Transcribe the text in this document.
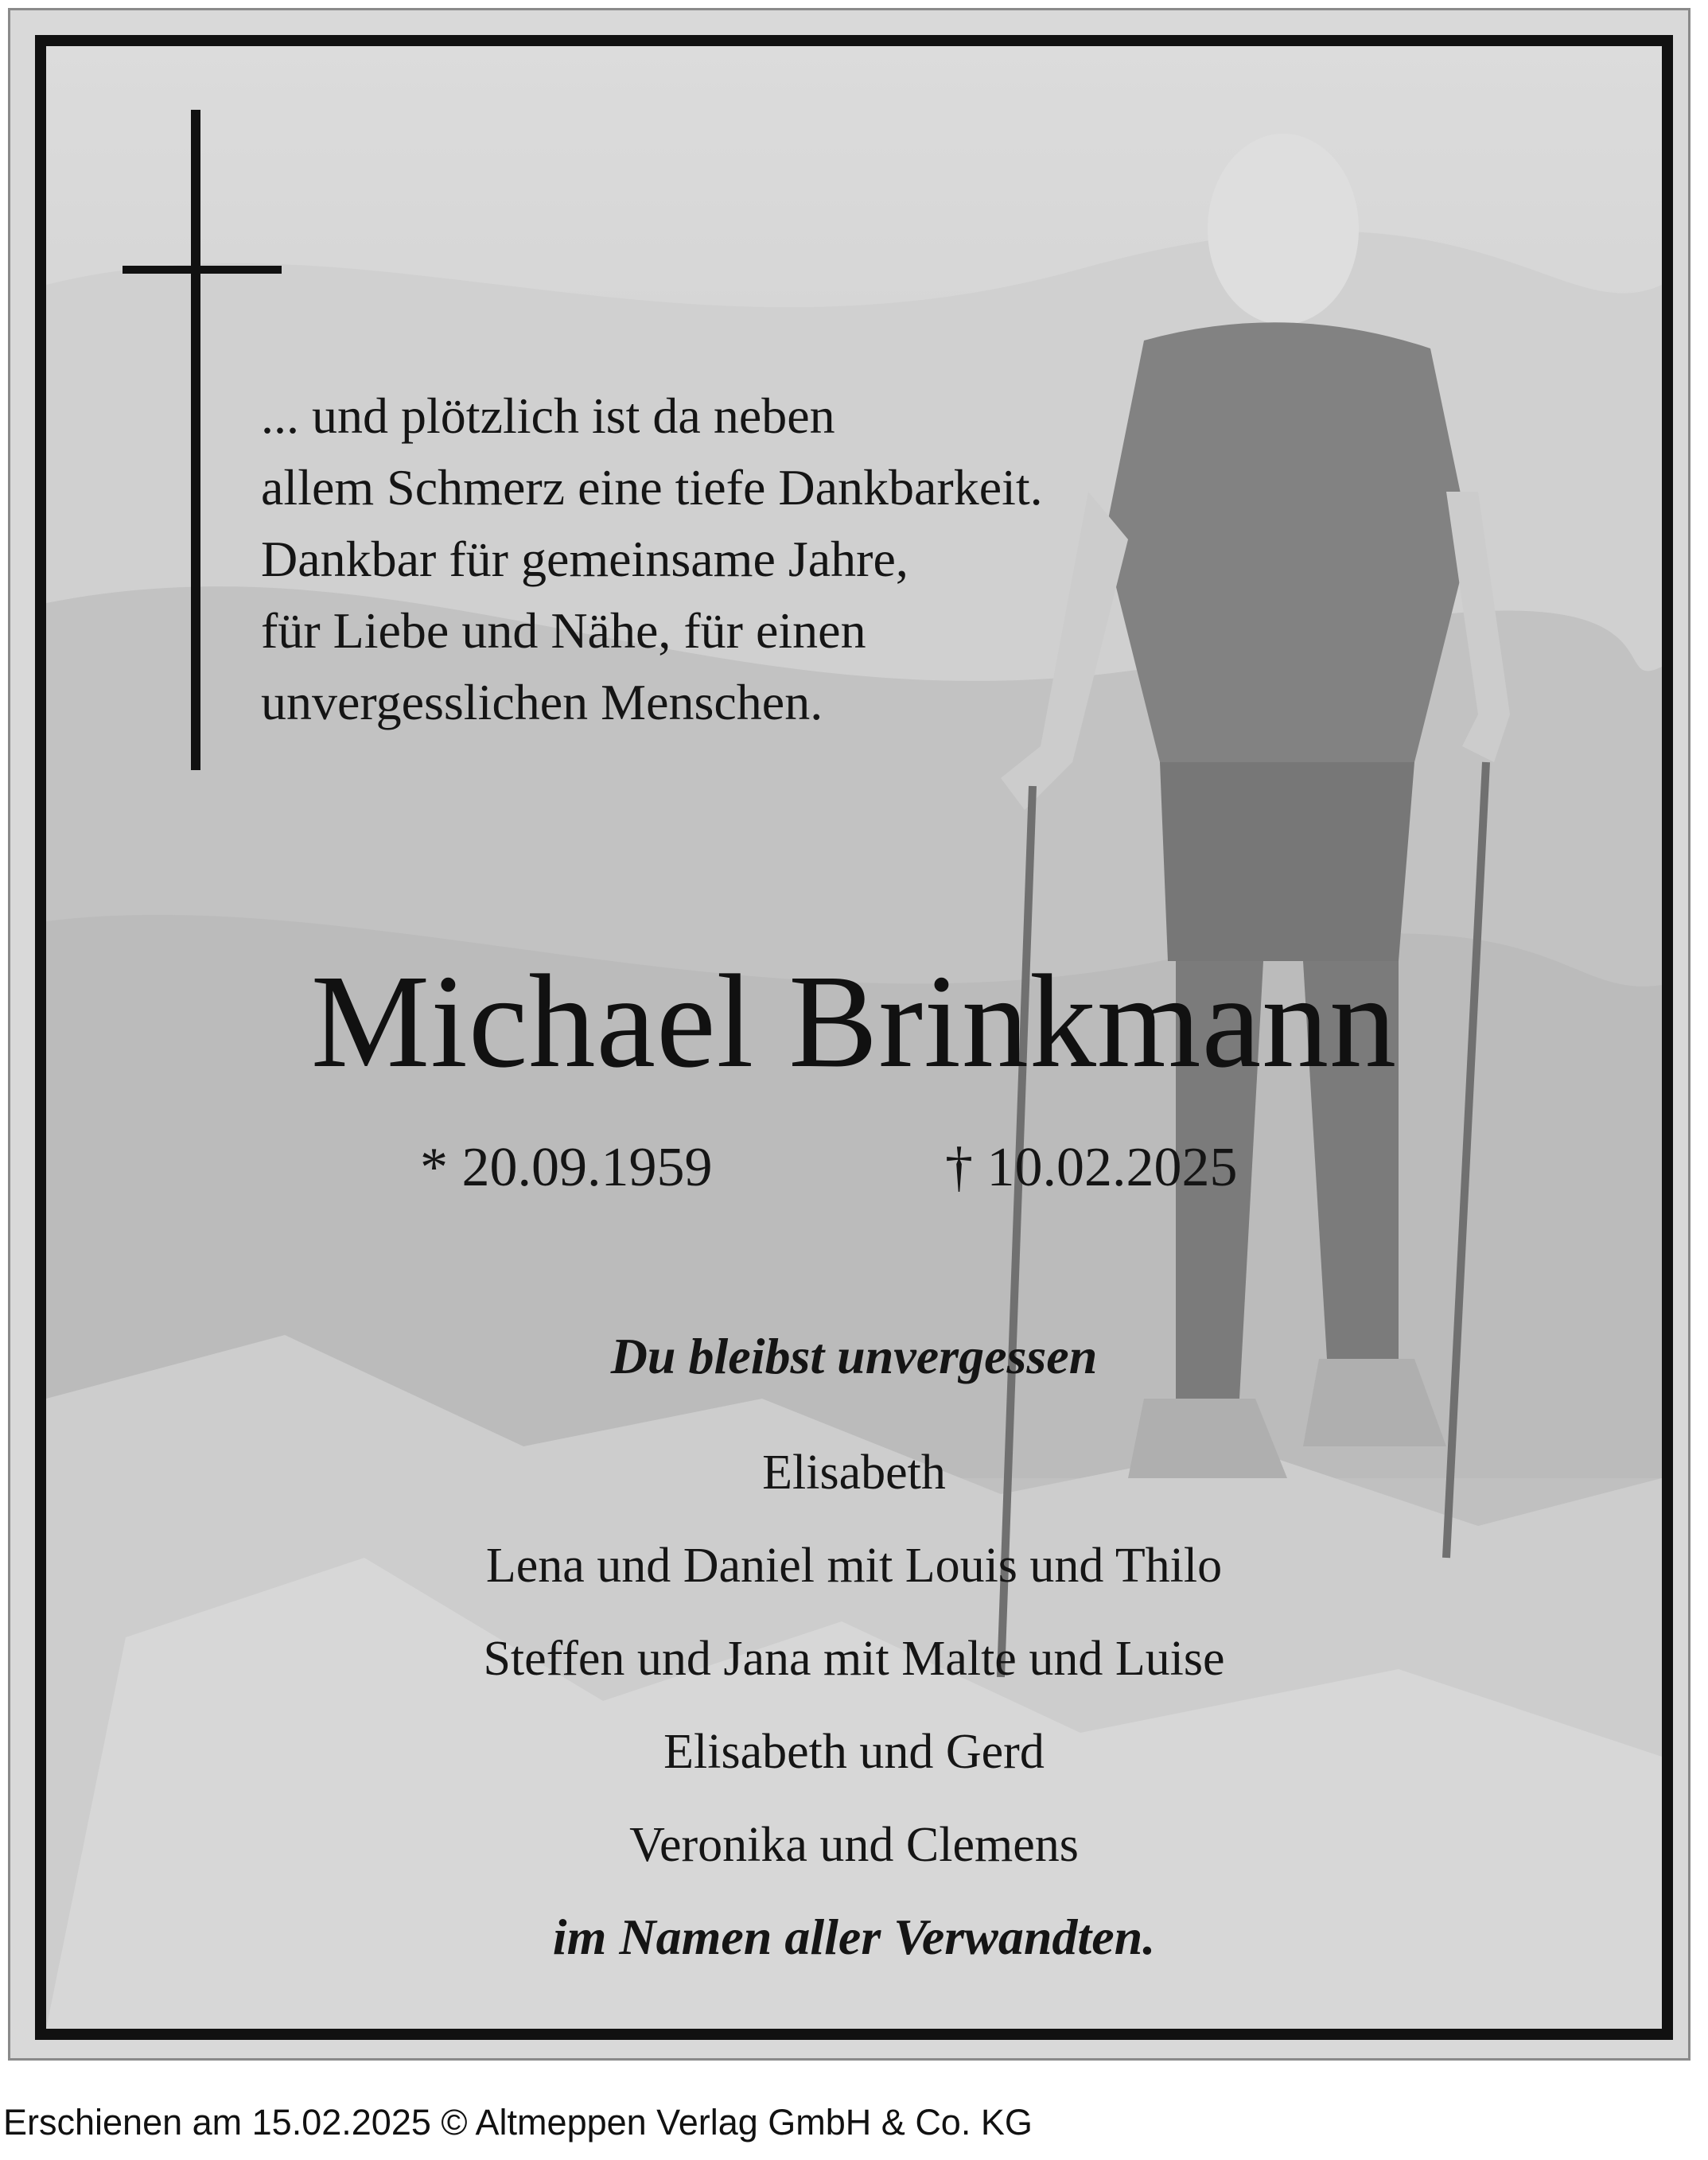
... und plötzlich ist da neben
allem Schmerz eine tiefe Dankbarkeit.
Dankbar für gemeinsame Jahre,
für Liebe und Nähe, für einen
unvergesslichen Menschen.
Michael Brinkmann
* 20.09.1959	† 10.02.2025
Du bleibst unvergessen
Elisabeth
Lena und Daniel mit Louis und Thilo
Steffen und Jana mit Malte und Luise
Elisabeth und Gerd
Veronika und Clemens
im Namen aller Verwandten.
Erschienen am 15.02.2025 © Altmeppen Verlag GmbH & Co. KG
